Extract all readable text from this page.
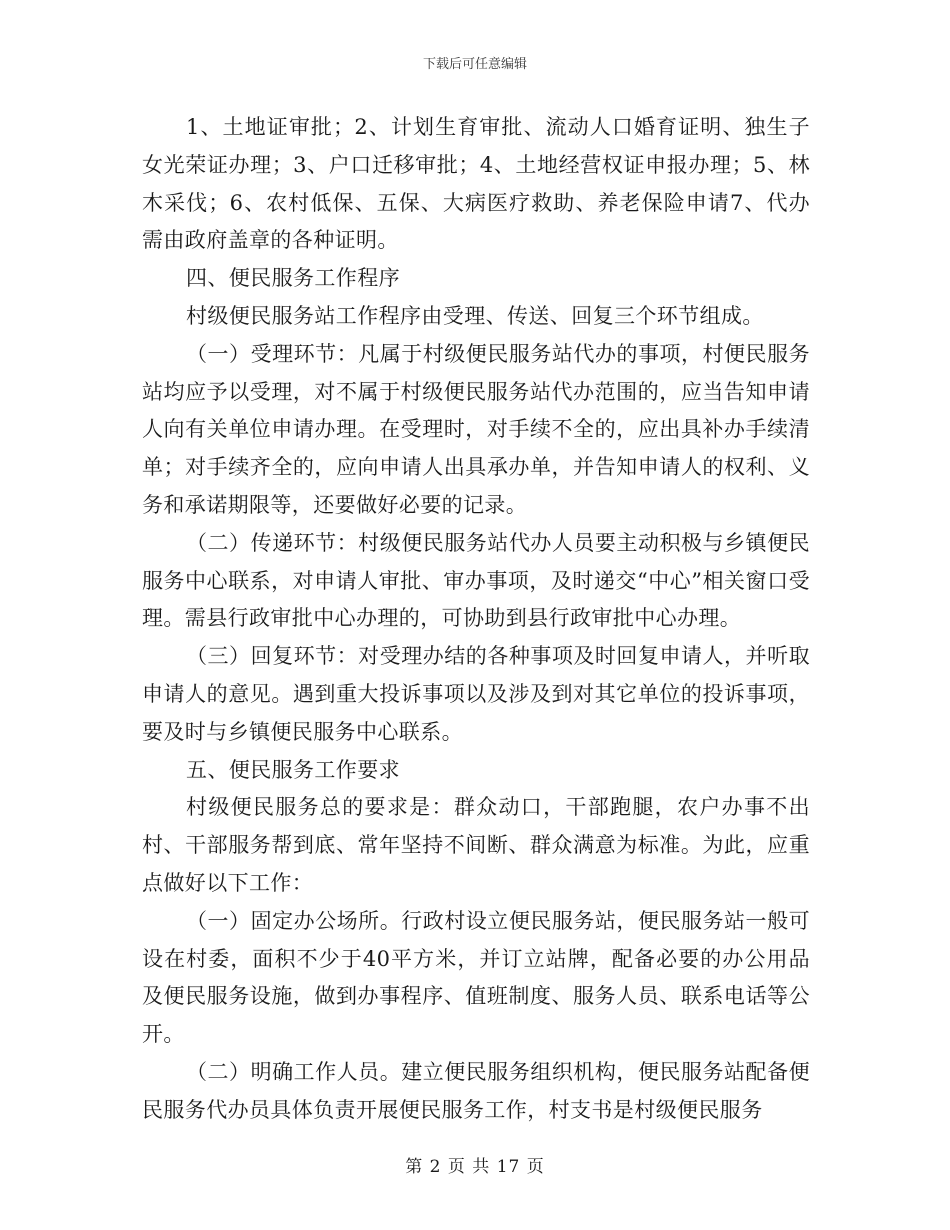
下载后可任意编辑

1、土地证审批；2、计划生育审批、流动人口婚育证明、独生子女光荣证办理；3、户口迁移审批；4、土地经营权证申报办理；5、林木采伐；6、农村低保、五保、大病医疗救助、养老保险申请7、代办需由政府盖章的各种证明。

四、便民服务工作程序

村级便民服务站工作程序由受理、传送、回复三个环节组成。

（一）受理环节：凡属于村级便民服务站代办的事项，村便民服务站均应予以受理，对不属于村级便民服务站代办范围的，应当告知申请人向有关单位申请办理。在受理时，对手续不全的，应出具补办手续清单；对手续齐全的，应向申请人出具承办单，并告知申请人的权利、义务和承诺期限等，还要做好必要的记录。

（二）传递环节：村级便民服务站代办人员要主动积极与乡镇便民服务中心联系，对申请人审批、审办事项，及时递交“中心”相关窗口受理。需县行政审批中心办理的，可协助到县行政审批中心办理。

（三）回复环节：对受理办结的各种事项及时回复申请人，并听取申请人的意见。遇到重大投诉事项以及涉及到对其它单位的投诉事项，要及时与乡镇便民服务中心联系。

五、便民服务工作要求

村级便民服务总的要求是：群众动口，干部跑腿，农户办事不出村、干部服务帮到底、常年坚持不间断、群众满意为标准。为此，应重点做好以下工作：

（一）固定办公场所。行政村设立便民服务站，便民服务站一般可设在村委，面积不少于40平方米，并订立站牌，配备必要的办公用品及便民服务设施，做到办事程序、值班制度、服务人员、联系电话等公开。

（二）明确工作人员。建立便民服务组织机构，便民服务站配备便民服务代办员具体负责开展便民服务工作，村支书是村级便民服务

第 2 页 共 17 页
